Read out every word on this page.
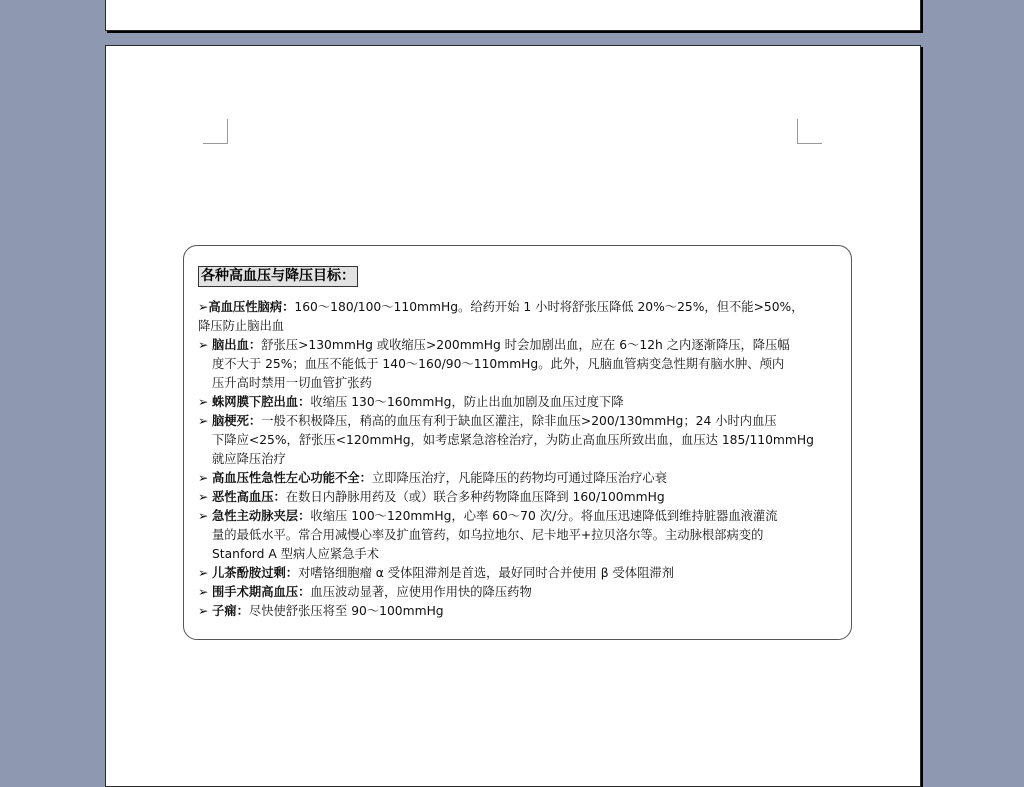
各种高血压与降压目标：
➢高血压性脑病：160～180/100～110mmHg。给药开始 1 小时将舒张压降低 20%～25%，但不能>50%，
降压防止脑出血
➢ 脑出血：舒张压>130mmHg 或收缩压>200mmHg 时会加剧出血，应在 6～12h 之内逐渐降压，降压幅
度不大于 25%；血压不能低于 140～160/90～110mmHg。此外，凡脑血管病变急性期有脑水肿、颅内
压升高时禁用一切血管扩张药
➢ 蛛网膜下腔出血：收缩压 130～160mmHg，防止出血加剧及血压过度下降
➢ 脑梗死：一般不积极降压，稍高的血压有利于缺血区灌注，除非血压>200/130mmHg；24 小时内血压
下降应<25%，舒张压<120mmHg，如考虑紧急溶栓治疗，为防止高血压所致出血，血压达 185/110mmHg
就应降压治疗
➢ 高血压性急性左心功能不全：立即降压治疗，凡能降压的药物均可通过降压治疗心衰
➢ 恶性高血压：在数日内静脉用药及（或）联合多种药物降血压降到 160/100mmHg
➢ 急性主动脉夹层：收缩压 100～120mmHg，心率 60～70 次/分。将血压迅速降低到维持脏器血液灌流
量的最低水平。常合用减慢心率及扩血管药，如乌拉地尔、尼卡地平+拉贝洛尔等。主动脉根部病变的
Stanford A 型病人应紧急手术
➢ 儿茶酚胺过剩：对嗜铬细胞瘤 α 受体阻滞剂是首选，最好同时合并使用 β 受体阻滞剂
➢ 围手术期高血压：血压波动显著，应使用作用快的降压药物
➢ 子痫：尽快使舒张压将至 90～100mmHg
